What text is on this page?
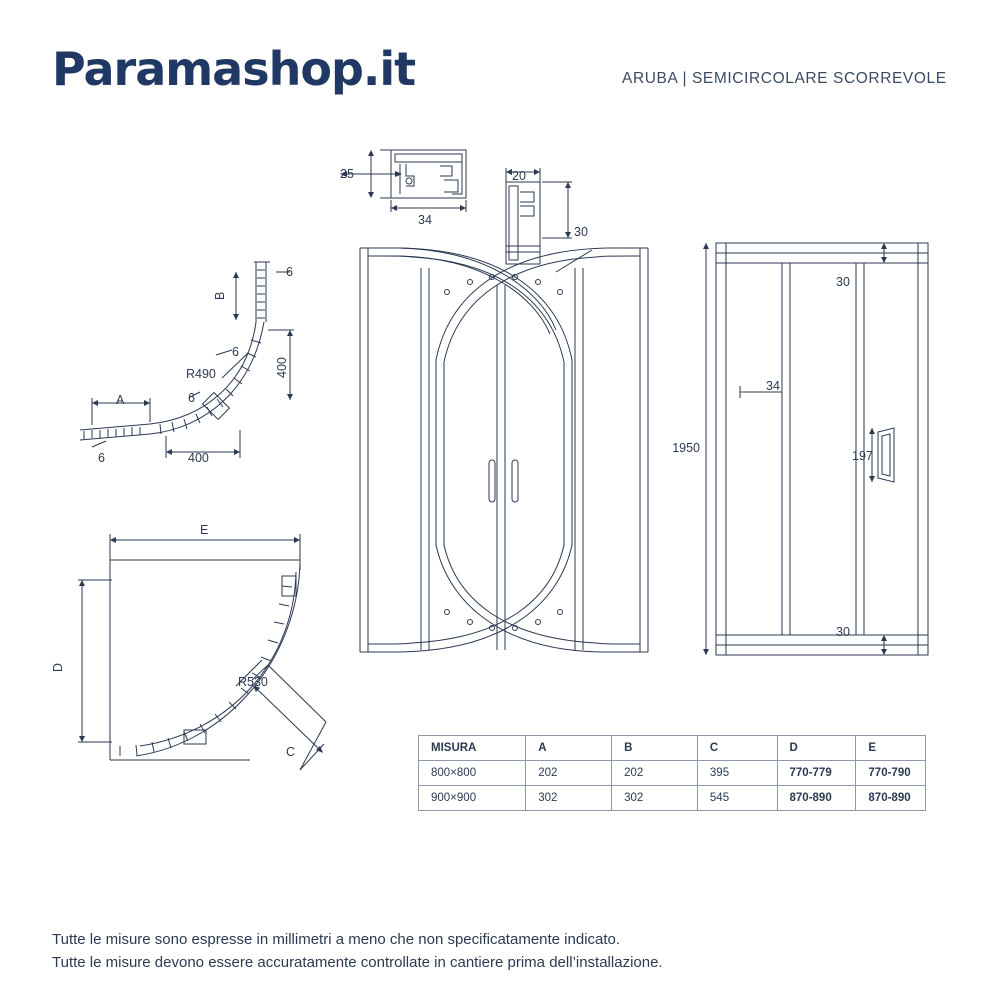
Paramashop.it	ARUBA | SEMICIRCOLARE SCORREVOLE
25
34
20
30
6
B
6
400
R490
6
A
400
6
E
D
R530
C
30
30
34
197
1950
MISURA	A	B	C	D	E
800×800	202	202	395	770-779	770-790
900×900	302	302	545	870-890	870-890
Tutte le misure sono espresse in millimetri a meno che non specificatamente indicato.
Tutte le misure devono essere accuratamente controllate in cantiere prima dell’installazione.
